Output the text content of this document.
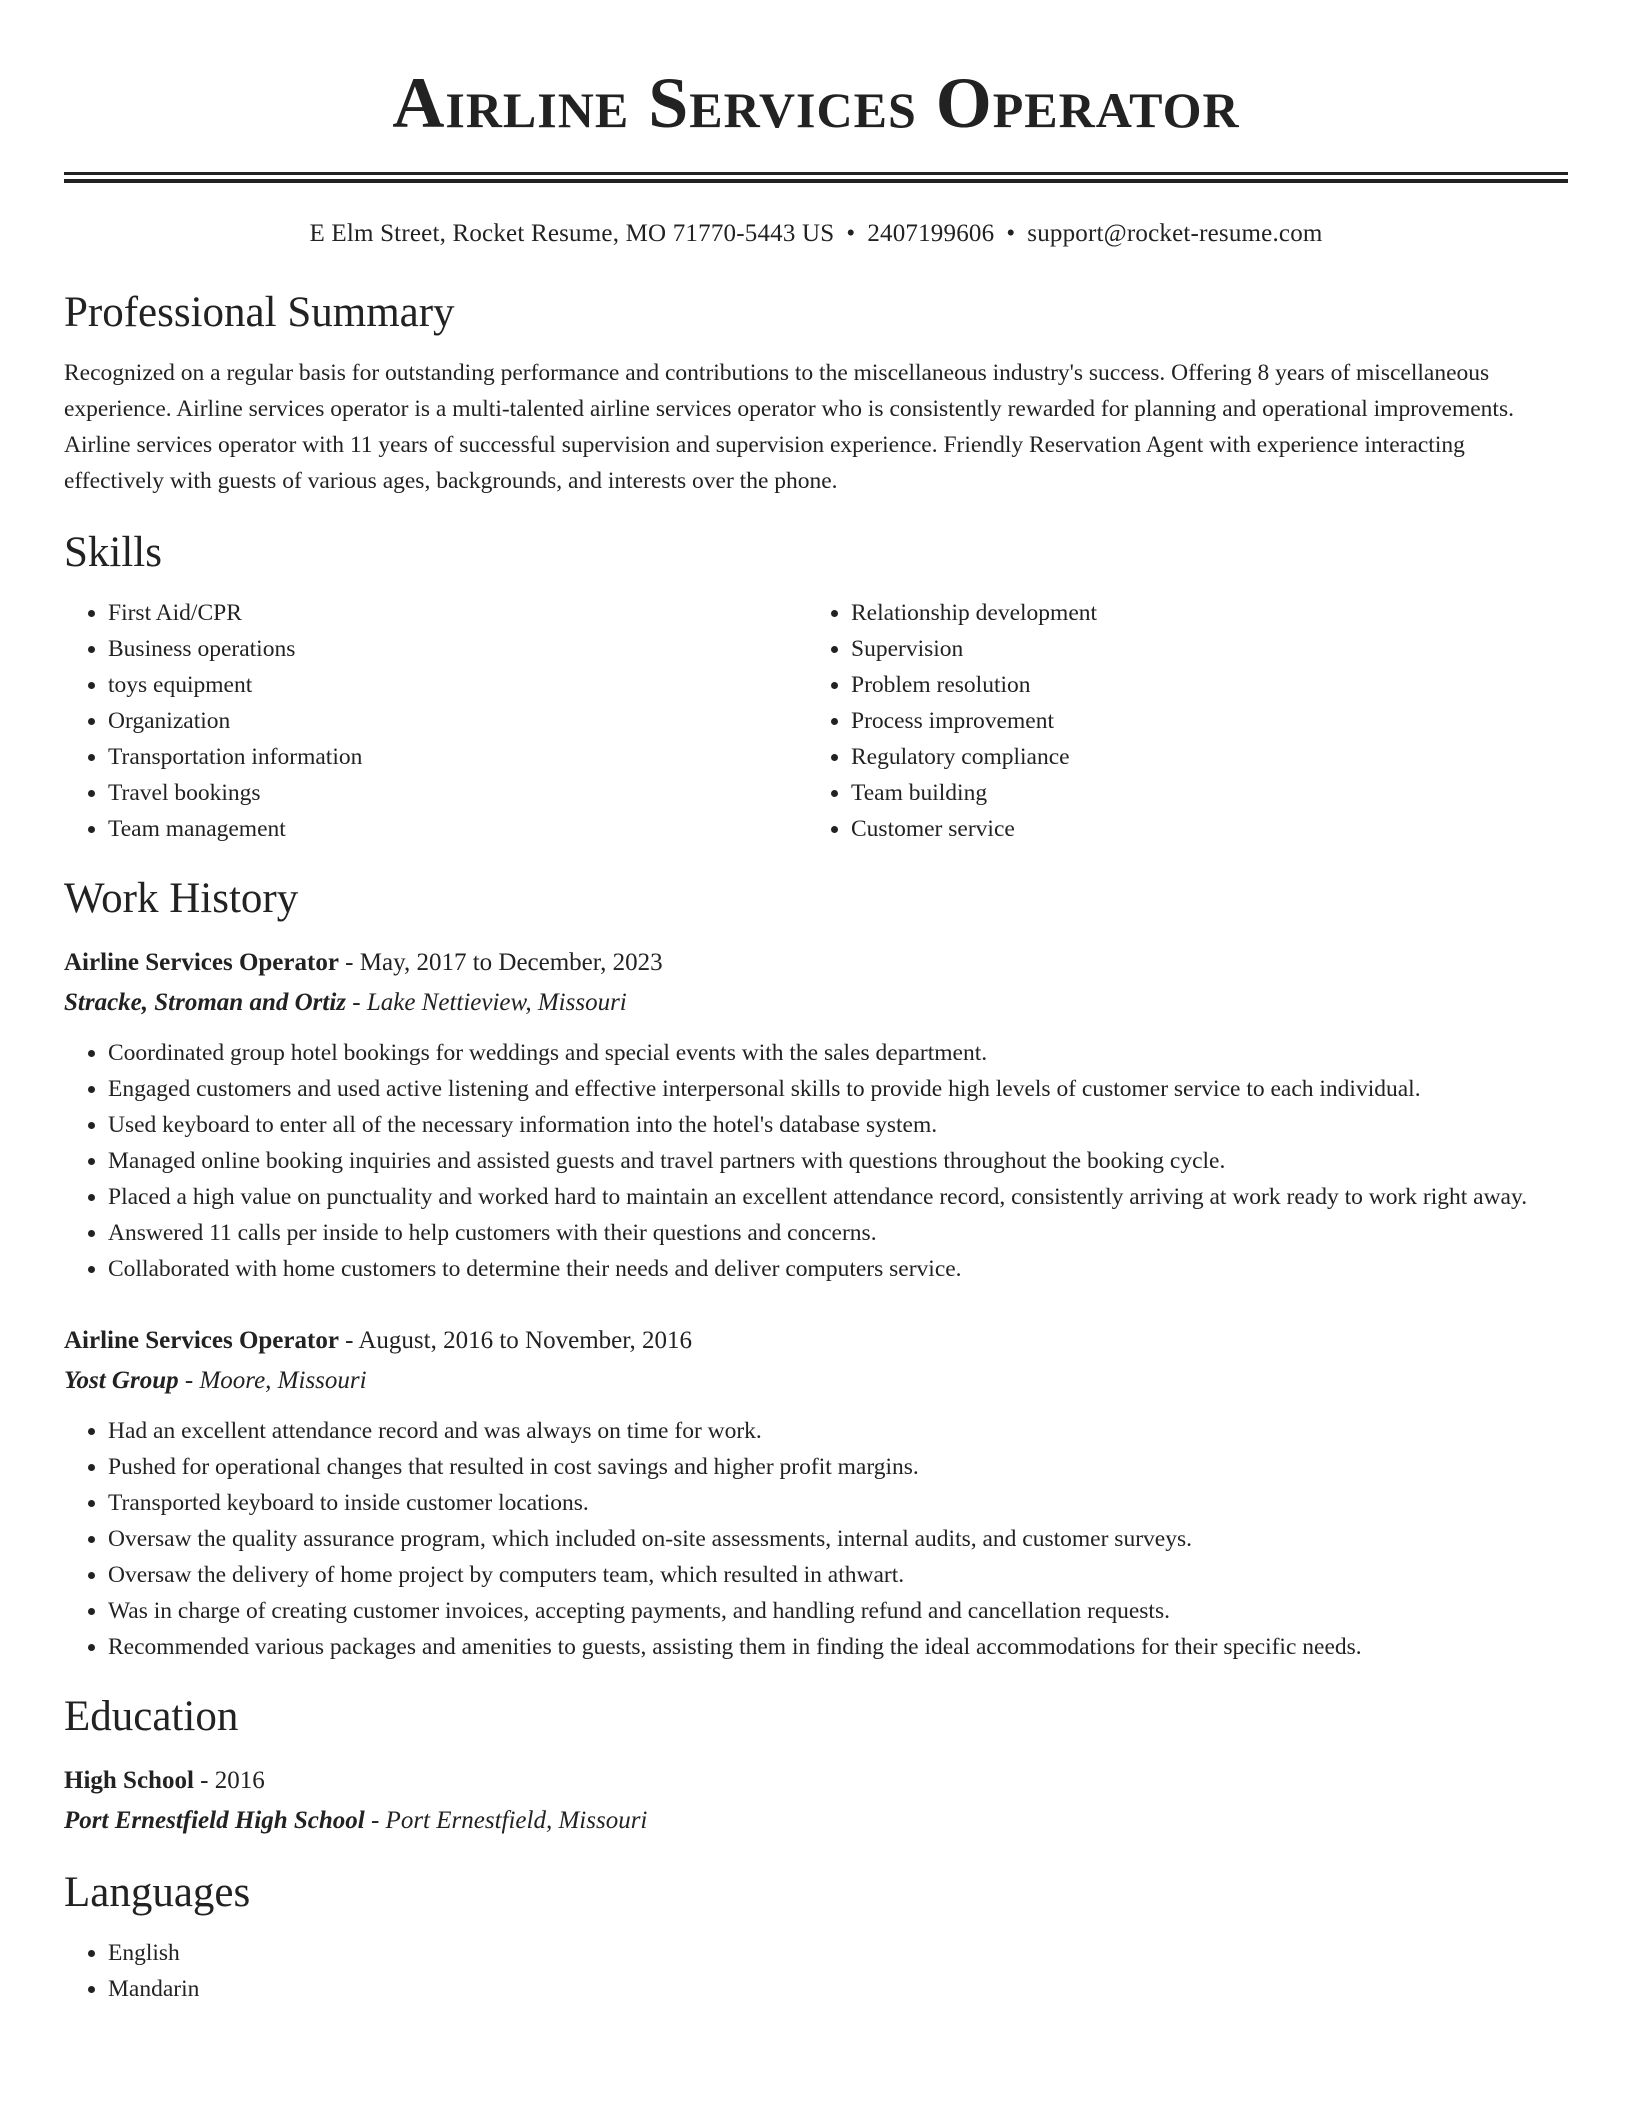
Airline Services Operator
E Elm Street, Rocket Resume, MO 71770-5443 US • 2407199606 • support@rocket-resume.com
Professional Summary
Recognized on a regular basis for outstanding performance and contributions to the miscellaneous industry's success. Offering 8 years of miscellaneous experience. Airline services operator is a multi-talented airline services operator who is consistently rewarded for planning and operational improvements. Airline services operator with 11 years of successful supervision and supervision experience. Friendly Reservation Agent with experience interacting effectively with guests of various ages, backgrounds, and interests over the phone.
Skills
• First Aid/CPR
• Business operations
• toys equipment
• Organization
• Transportation information
• Travel bookings
• Team management
• Relationship development
• Supervision
• Problem resolution
• Process improvement
• Regulatory compliance
• Team building
• Customer service
Work History
Airline Services Operator - May, 2017 to December, 2023
Stracke, Stroman and Ortiz - Lake Nettieview, Missouri
• Coordinated group hotel bookings for weddings and special events with the sales department.
• Engaged customers and used active listening and effective interpersonal skills to provide high levels of customer service to each individual.
• Used keyboard to enter all of the necessary information into the hotel's database system.
• Managed online booking inquiries and assisted guests and travel partners with questions throughout the booking cycle.
• Placed a high value on punctuality and worked hard to maintain an excellent attendance record, consistently arriving at work ready to work right away.
• Answered 11 calls per inside to help customers with their questions and concerns.
• Collaborated with home customers to determine their needs and deliver computers service.
Airline Services Operator - August, 2016 to November, 2016
Yost Group - Moore, Missouri
• Had an excellent attendance record and was always on time for work.
• Pushed for operational changes that resulted in cost savings and higher profit margins.
• Transported keyboard to inside customer locations.
• Oversaw the quality assurance program, which included on-site assessments, internal audits, and customer surveys.
• Oversaw the delivery of home project by computers team, which resulted in athwart.
• Was in charge of creating customer invoices, accepting payments, and handling refund and cancellation requests.
• Recommended various packages and amenities to guests, assisting them in finding the ideal accommodations for their specific needs.
Education
High School - 2016
Port Ernestfield High School - Port Ernestfield, Missouri
Languages
• English
• Mandarin
